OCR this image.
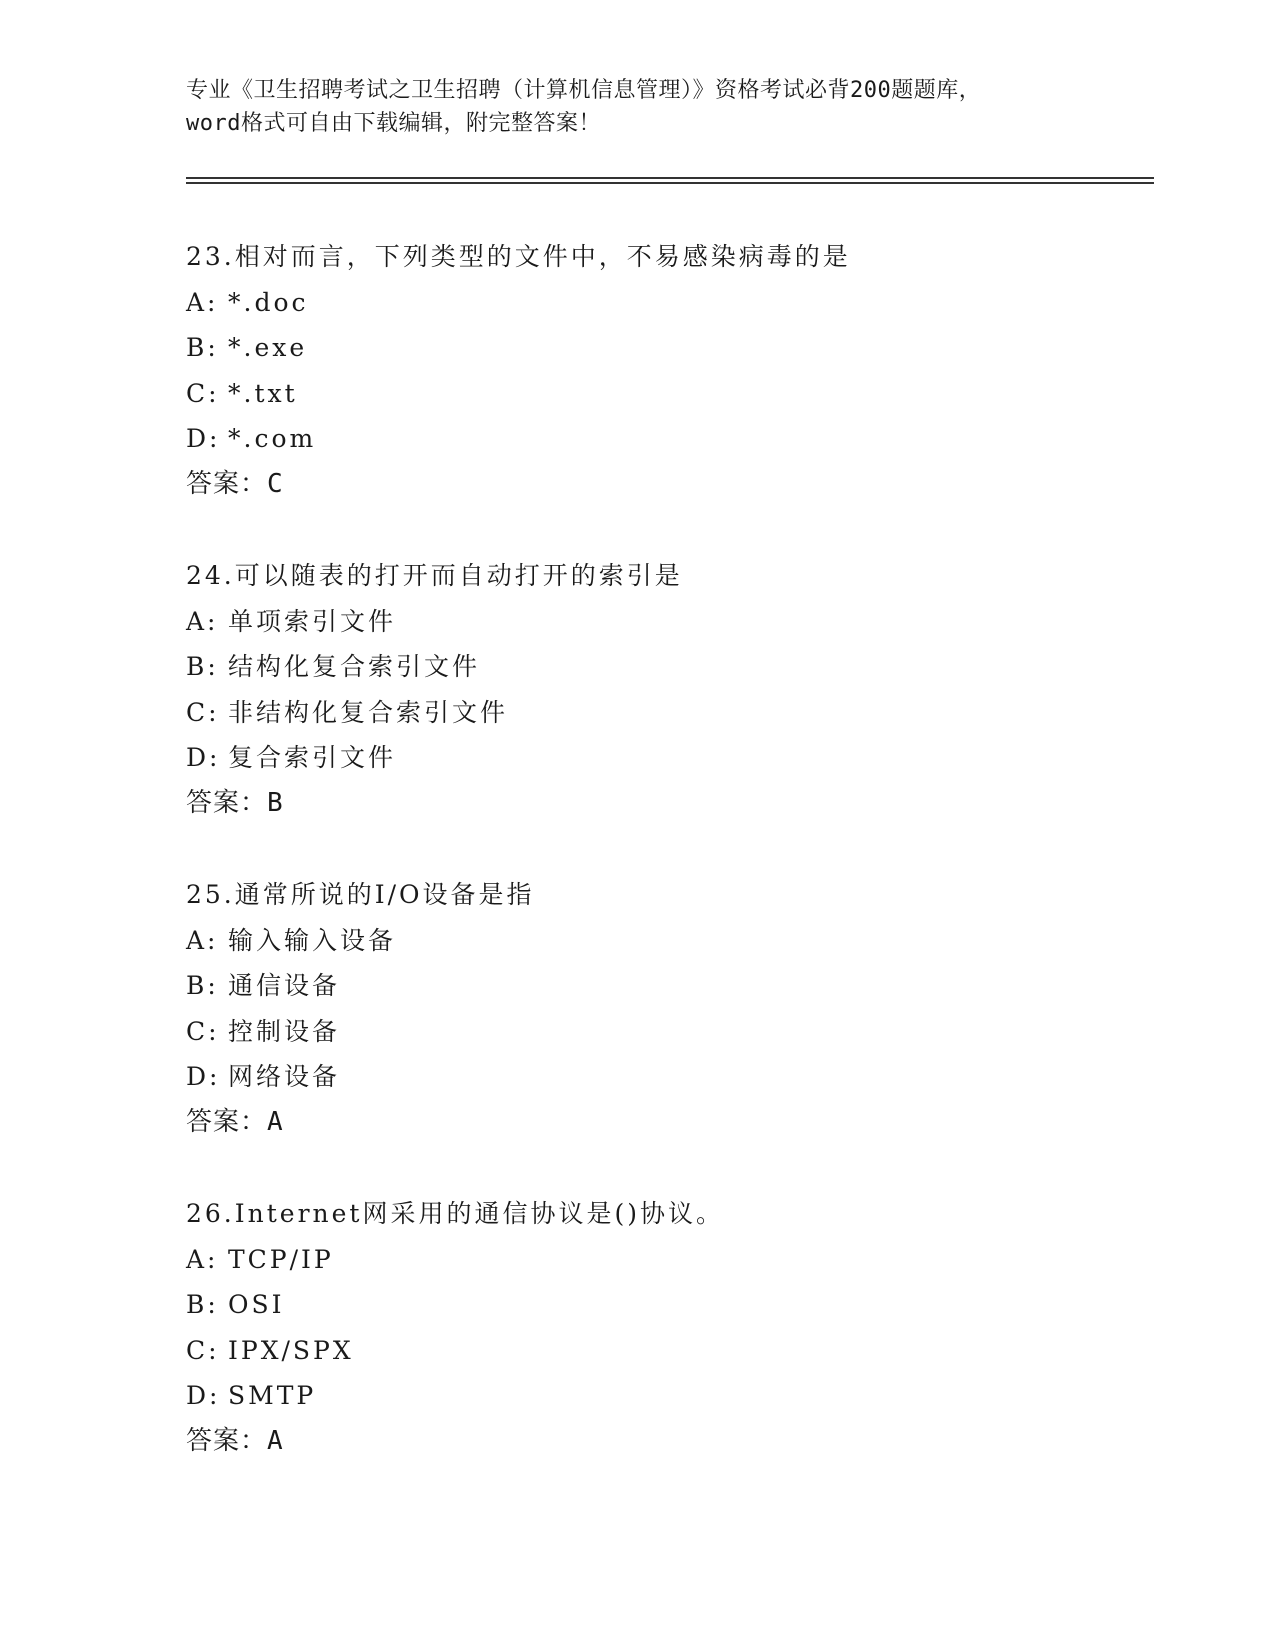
专业《卫生招聘考试之卫生招聘（计算机信息管理）》资格考试必背200题题库，
word格式可自由下载编辑，附完整答案！
23.相对而言，下列类型的文件中，不易感染病毒的是
A: *.doc
B: *.exe
C: *.txt
D: *.com
答案：C
24.可以随表的打开而自动打开的索引是
A: 单项索引文件
B: 结构化复合索引文件
C: 非结构化复合索引文件
D: 复合索引文件
答案：B
25.通常所说的I/O设备是指
A: 输入输入设备
B: 通信设备
C: 控制设备
D: 网络设备
答案：A
26.Internet网采用的通信协议是()协议。
A: TCP/IP
B: OSI
C: IPX/SPX
D: SMTP
答案：A
